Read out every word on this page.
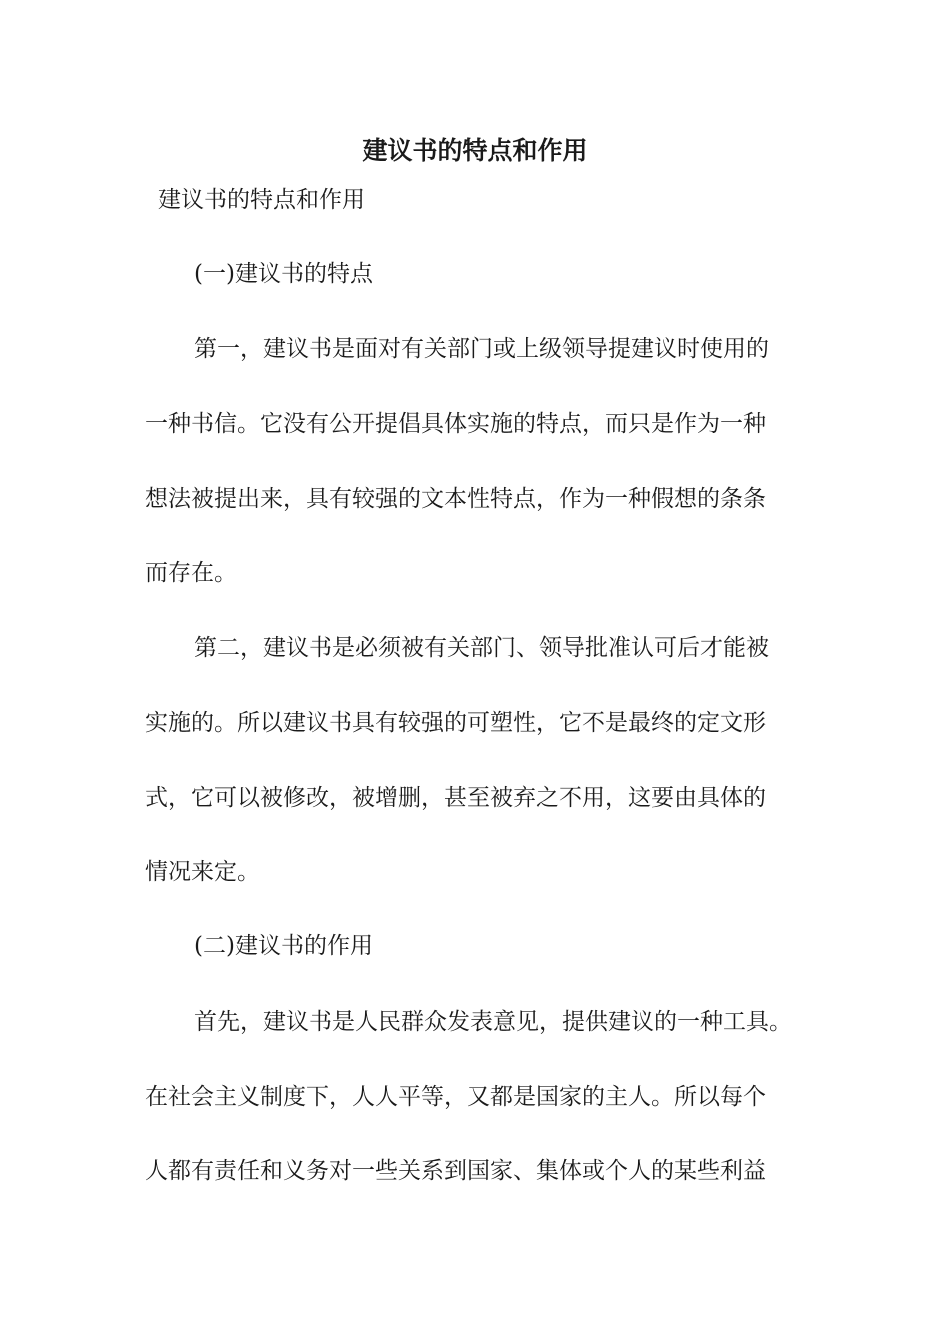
建议书的特点和作用
建议书的特点和作用
(一)建议书的特点
第一，建议书是面对有关部门或上级领导提建议时使用的
一种书信。它没有公开提倡具体实施的特点，而只是作为一种
想法被提出来，具有较强的文本性特点，作为一种假想的条条
而存在。
第二，建议书是必须被有关部门、领导批准认可后才能被
实施的。所以建议书具有较强的可塑性，它不是最终的定文形
式，它可以被修改，被增删，甚至被弃之不用，这要由具体的
情况来定。
(二)建议书的作用
首先，建议书是人民群众发表意见，提供建议的一种工具。
在社会主义制度下，人人平等，又都是国家的主人。所以每个
人都有责任和义务对一些关系到国家、集体或个人的某些利益
